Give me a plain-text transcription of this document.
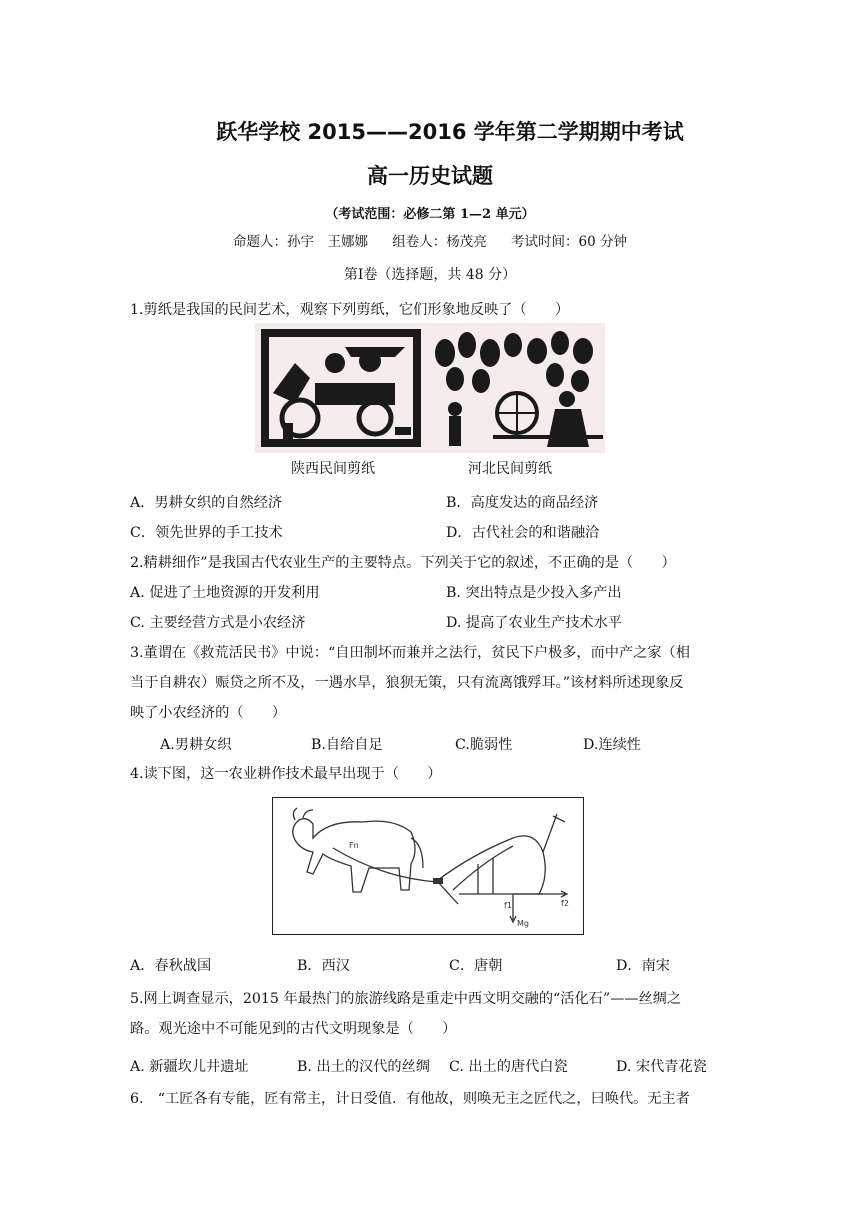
跃华学校 2015——2016 学年第二学期期中考试
高一历史试题
（考试范围：必修二第 1—2 单元）
命题人：孙宇　王娜娜 组卷人：杨茂亮 考试时间：60 分钟
第Ⅰ卷（选择题，共 48 分）
1.剪纸是我国的民间艺术，观察下列剪纸，它们形象地反映了（　　）
陕西民间剪纸	河北民间剪纸
A．男耕女织的自然经济	B．高度发达的商品经济
C．领先世界的手工技术	D．古代社会的和谐融洽
2.精耕细作”是我国古代农业生产的主要特点。下列关于它的叙述，不正确的是（　　）
A. 促进了土地资源的开发利用	B. 突出特点是少投入多产出
C. 主要经营方式是小农经济	D. 提高了农业生产技术水平
3.董谓在《救荒活民书》中说：“自田制坏而兼并之法行，贫民下户极多，而中产之家（相
当于自耕农）赈贷之所不及，一遇水旱，狼狈无策，只有流离饿殍耳。”该材料所述现象反
映了小农经济的（　　）
A.男耕女织	B.自给自足	C.脆弱性	D.连续性
4.读下图，这一农业耕作技术最早出现于（　　）
Fn
f1	f2
Mg
A．春秋战国	B．西汉	C．唐朝	D．南宋
5.网上调查显示，2015 年最热门的旅游线路是重走中西文明交融的“活化石”——丝绸之
路。观光途中不可能见到的古代文明现象是（　　）
A. 新疆坎儿井遗址	B. 出土的汉代的丝绸 C. 出土的唐代白瓷	D. 宋代青花瓷
6.　“工匠各有专能，匠有常主，计日受值．有他故，则唤无主之匠代之，曰唤代。无主者
